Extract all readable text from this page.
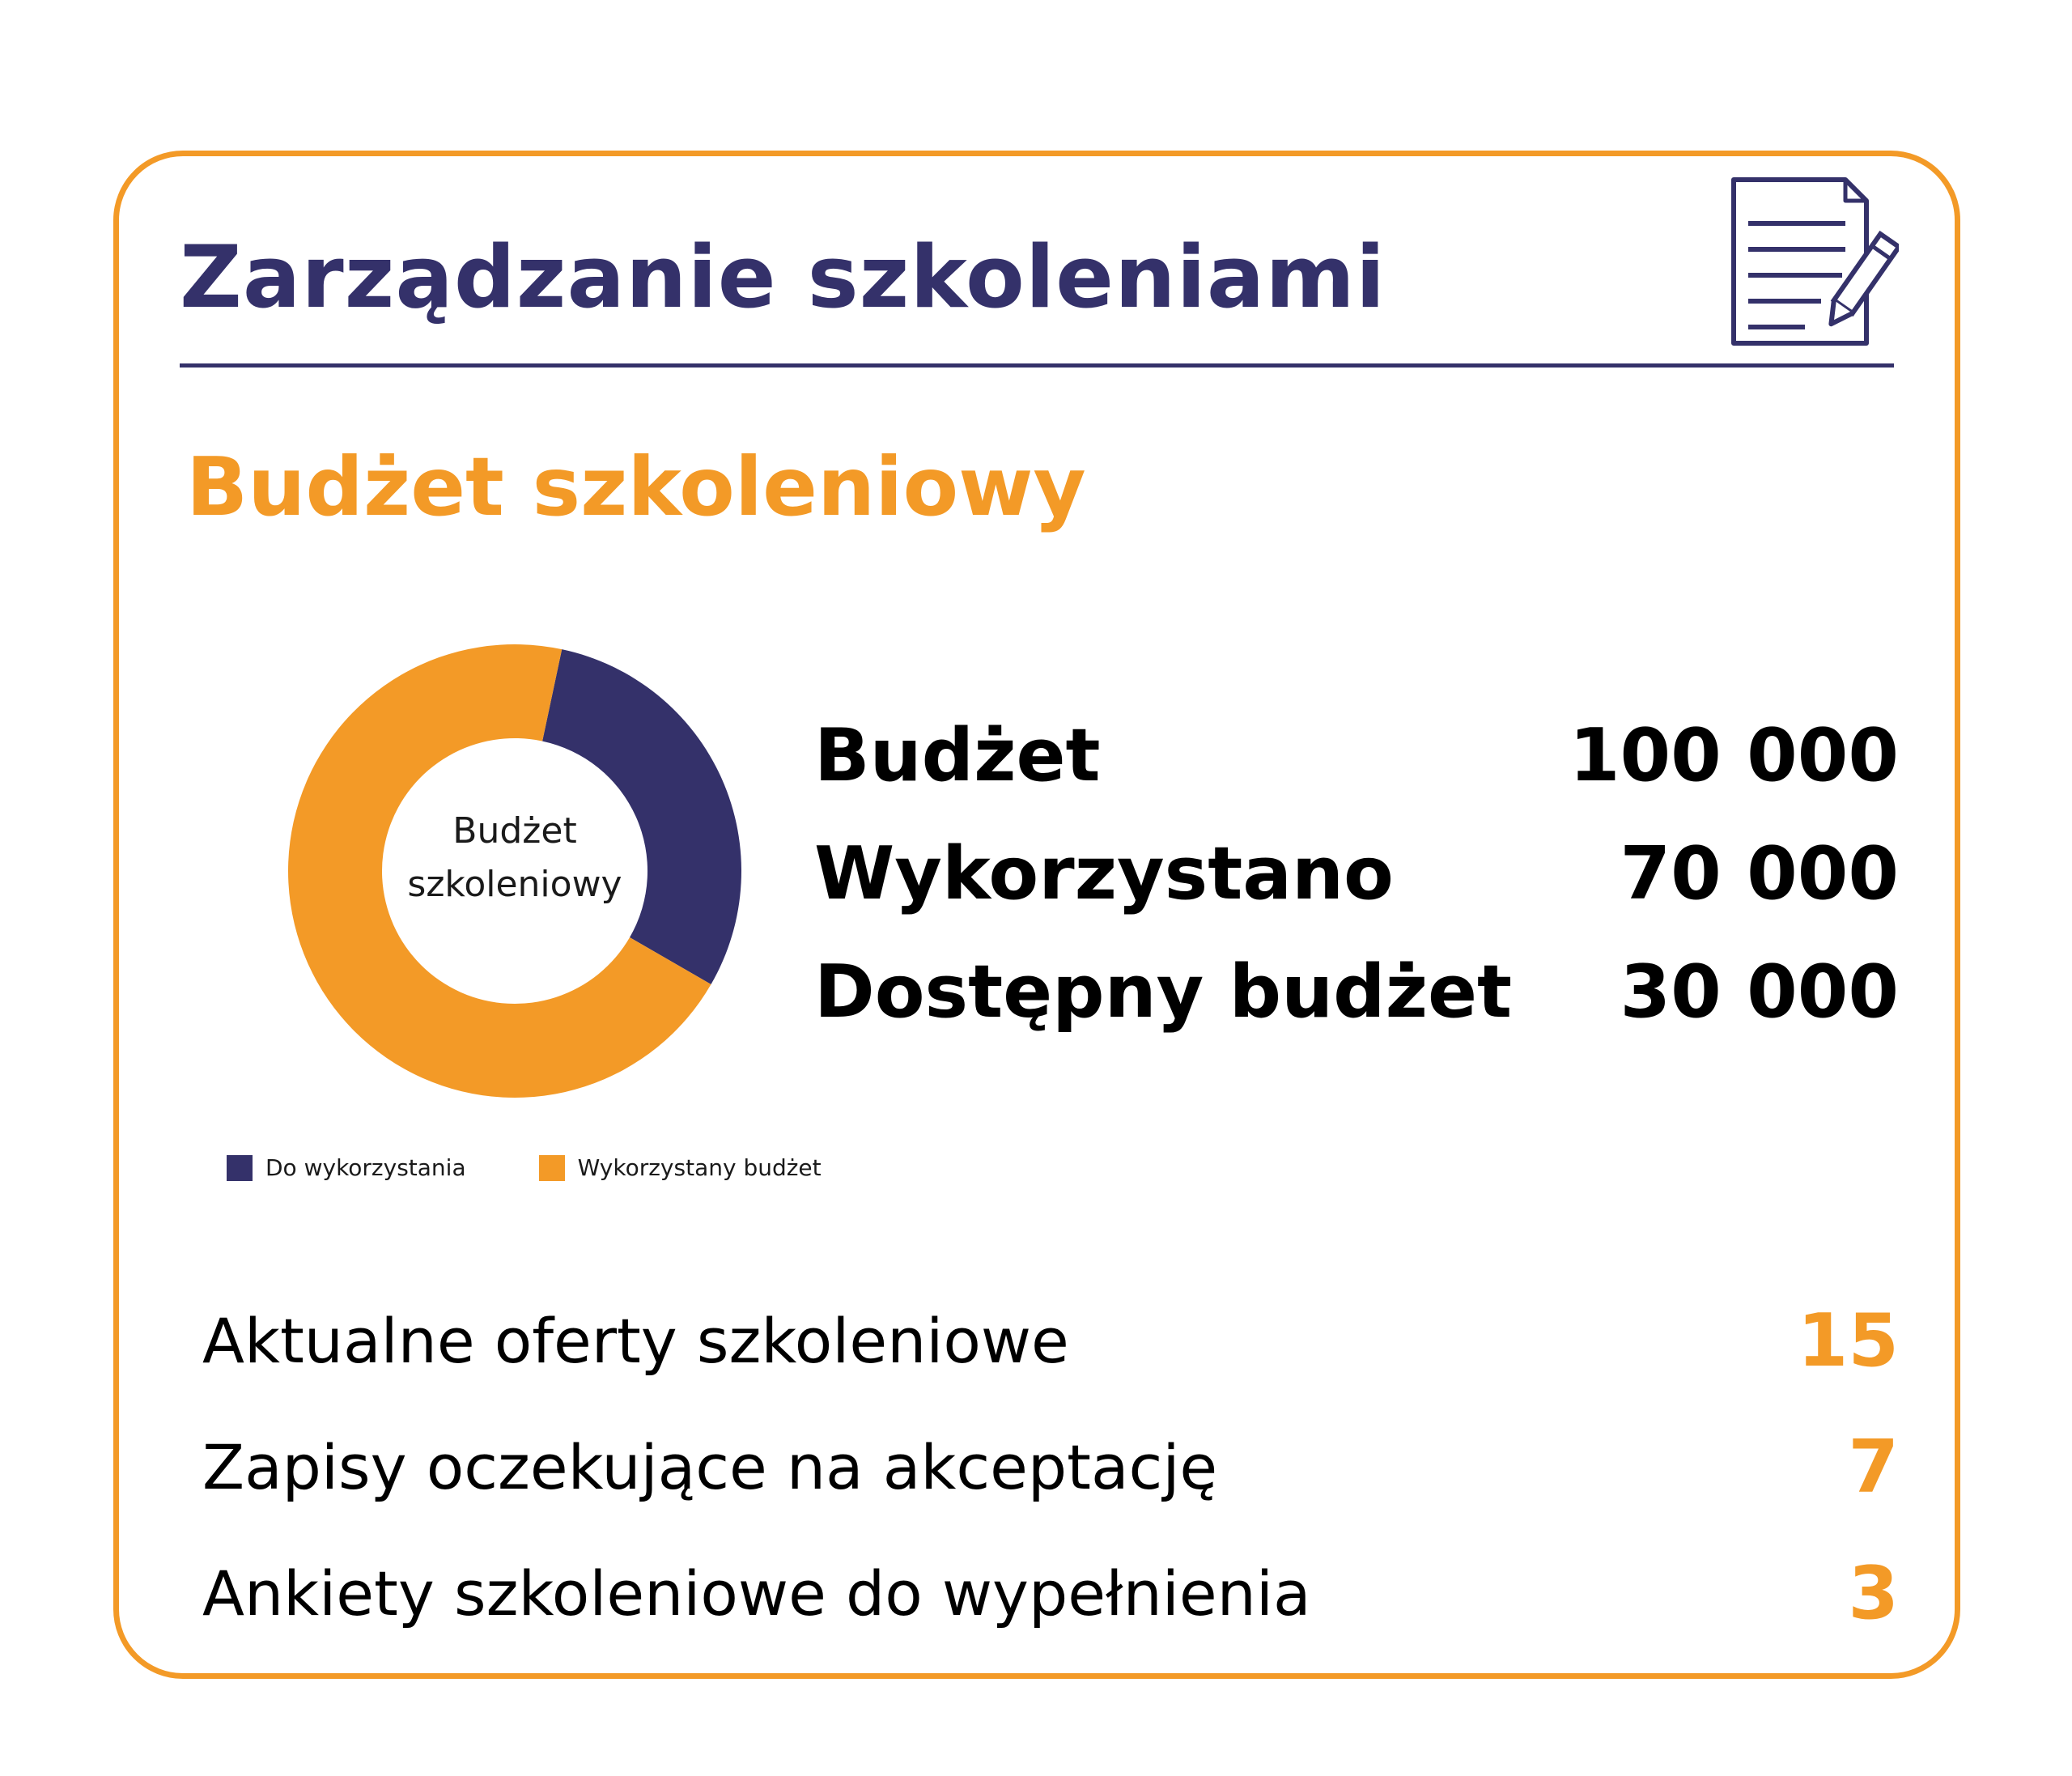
Zarządzanie szkoleniami
Budżet szkoleniowy
Budżet szkoleniowy
Do wykorzystania	Wykorzystany budżet
Budżet	100 000
Wykorzystano	70 000
Dostępny budżet 30 000
Aktualne oferty szkoleniowe	15
Zapisy oczekujące na akceptację	7
Ankiety szkoleniowe do wypełnienia	3
